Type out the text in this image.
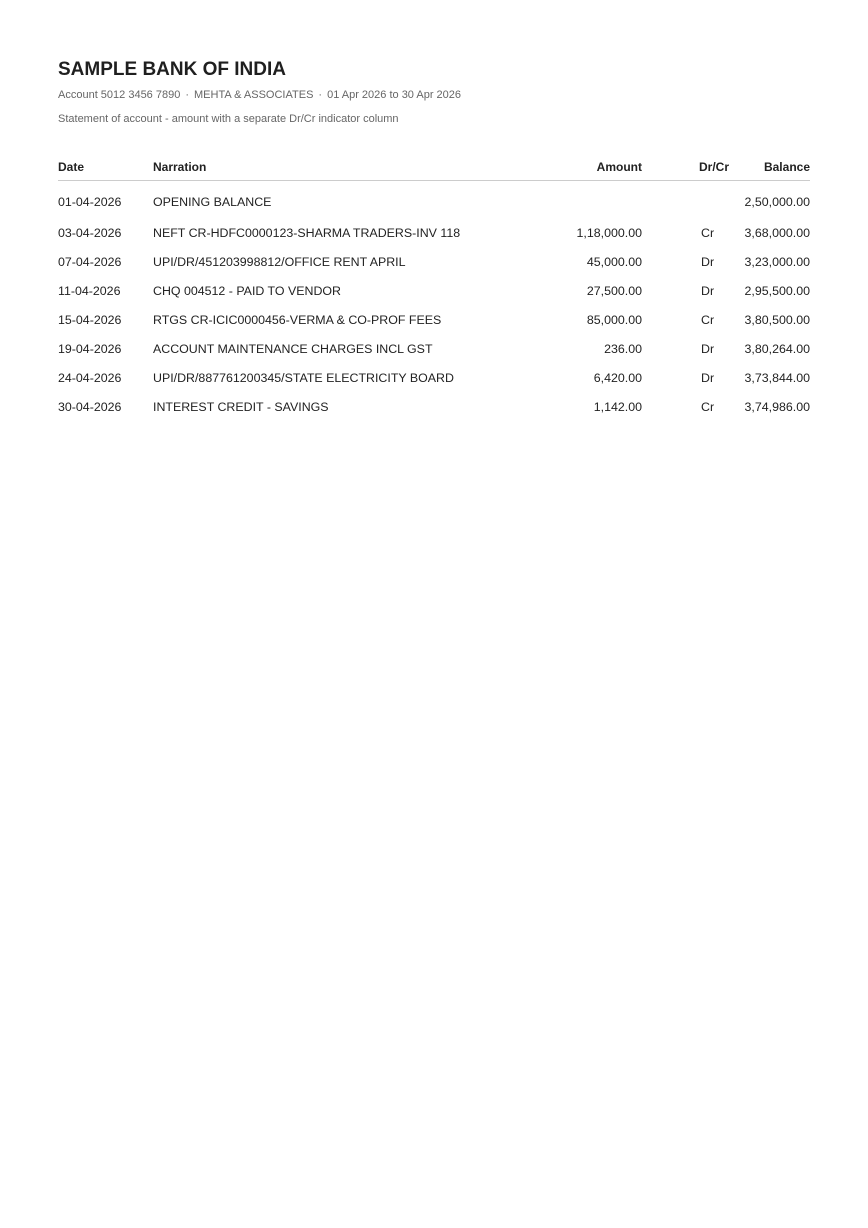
SAMPLE BANK OF INDIA
Account 5012 3456 7890 · MEHTA & ASSOCIATES · 01 Apr 2026 to 30 Apr 2026
Statement of account - amount with a separate Dr/Cr indicator column
Date	Narration	Amount	Dr/Cr	Balance
01-04-2026	OPENING BALANCE			2,50,000.00
03-04-2026	NEFT CR-HDFC0000123-SHARMA TRADERS-INV 118	1,18,000.00	Cr	3,68,000.00
07-04-2026	UPI/DR/451203998812/OFFICE RENT APRIL	45,000.00	Dr	3,23,000.00
11-04-2026	CHQ 004512 - PAID TO VENDOR	27,500.00	Dr	2,95,500.00
15-04-2026	RTGS CR-ICIC0000456-VERMA & CO-PROF FEES	85,000.00	Cr	3,80,500.00
19-04-2026	ACCOUNT MAINTENANCE CHARGES INCL GST	236.00	Dr	3,80,264.00
24-04-2026	UPI/DR/887761200345/STATE ELECTRICITY BOARD	6,420.00	Dr	3,73,844.00
30-04-2026	INTEREST CREDIT - SAVINGS	1,142.00	Cr	3,74,986.00
